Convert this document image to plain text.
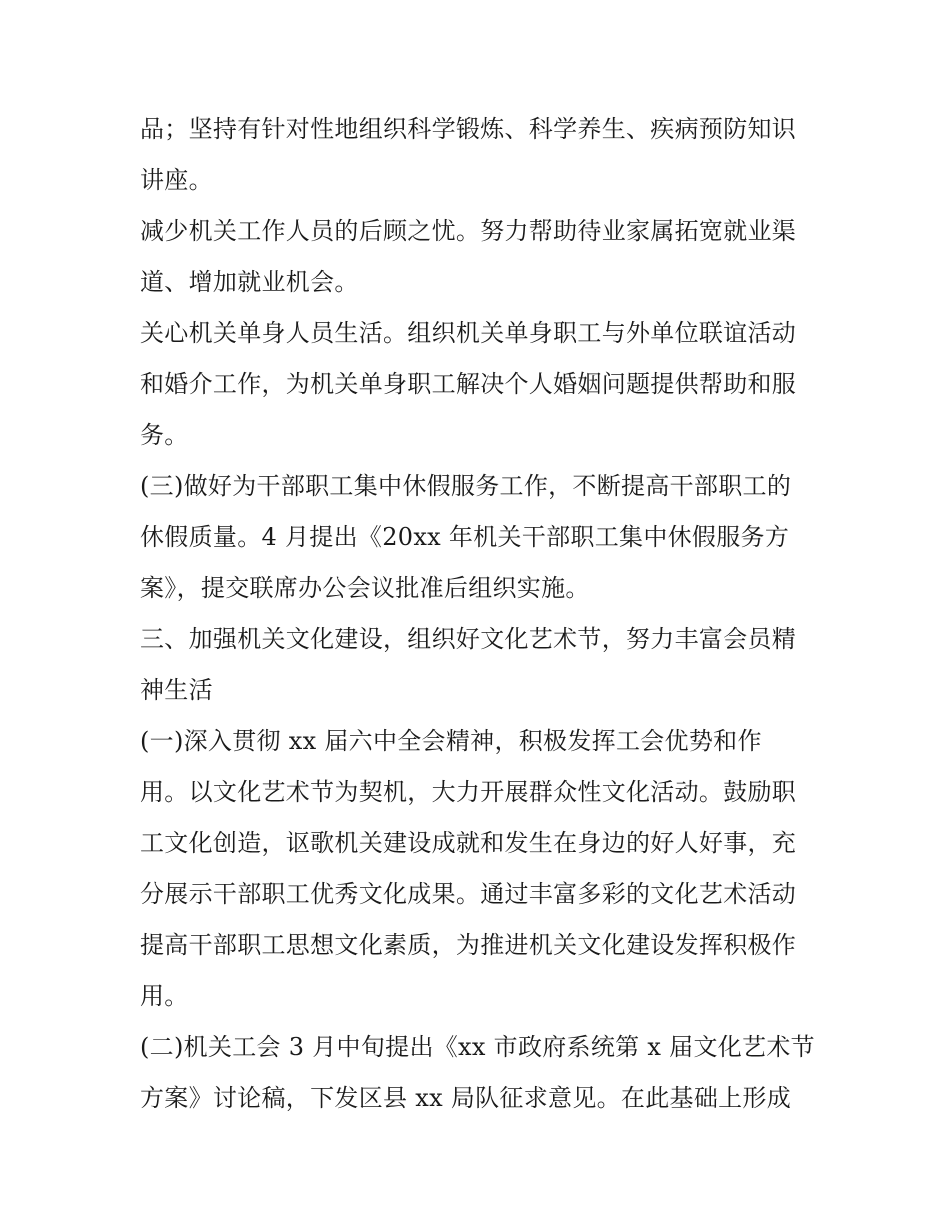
品；坚持有针对性地组织科学锻炼、科学养生、疾病预防知识
讲座。
减少机关工作人员的后顾之忧。努力帮助待业家属拓宽就业渠
道、增加就业机会。
关心机关单身人员生活。组织机关单身职工与外单位联谊活动
和婚介工作，为机关单身职工解决个人婚姻问题提供帮助和服
务。
(三)做好为干部职工集中休假服务工作，不断提高干部职工的
休假质量。4 月提出《20xx 年机关干部职工集中休假服务方
案》，提交联席办公会议批准后组织实施。
三、加强机关文化建设，组织好文化艺术节，努力丰富会员精
神生活
(一)深入贯彻 xx 届六中全会精神，积极发挥工会优势和作
用。以文化艺术节为契机，大力开展群众性文化活动。鼓励职
工文化创造，讴歌机关建设成就和发生在身边的好人好事，充
分展示干部职工优秀文化成果。通过丰富多彩的文化艺术活动
提高干部职工思想文化素质，为推进机关文化建设发挥积极作
用。
(二)机关工会 3 月中旬提出《xx 市政府系统第 x 届文化艺术节
方案》讨论稿，下发区县 xx 局队征求意见。在此基础上形成
